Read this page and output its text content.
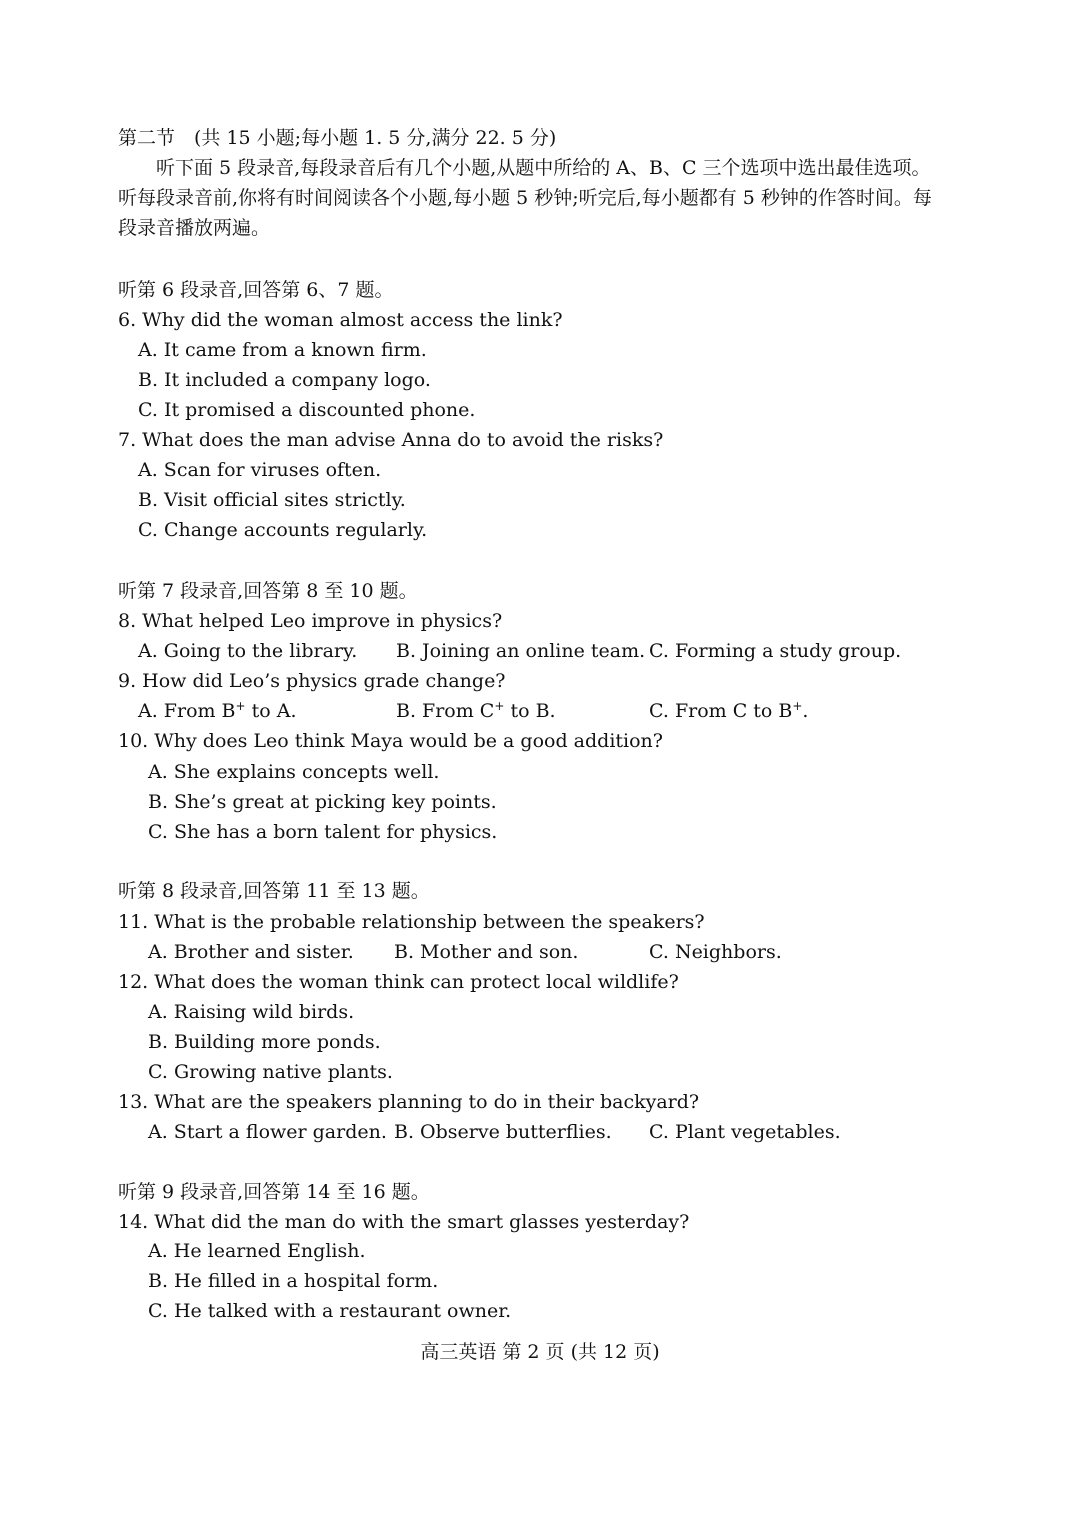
第二节　(共 15 小题;每小题 1. 5 分,满分 22. 5 分)
听下面 5 段录音,每段录音后有几个小题,从题中所给的 A、B、C 三个选项中选出最佳选项。听每段录音前,你将有时间阅读各个小题,每小题 5 秒钟;听完后,每小题都有 5 秒钟的作答时间。每段录音播放两遍。
听第 6 段录音,回答第 6、7 题。
6. Why did the woman almost access the link?
A. It came from a known firm.
B. It included a company logo.
C. It promised a discounted phone.
7. What does the man advise Anna do to avoid the risks?
A. Scan for viruses often.
B. Visit official sites strictly.
C. Change accounts regularly.
听第 7 段录音,回答第 8 至 10 题。
8. What helped Leo improve in physics?
A. Going to the library. B. Joining an online team. C. Forming a study group.
9. How did Leo’s physics grade change?
A. From B+ to A.	B. From C+ to B.	C. From C to B+.
10. Why does Leo think Maya would be a good addition?
A. She explains concepts well.
B. She’s great at picking key points.
C. She has a born talent for physics.
听第 8 段录音,回答第 11 至 13 题。
11. What is the probable relationship between the speakers?
A. Brother and sister. B. Mother and son.	C. Neighbors.
12. What does the woman think can protect local wildlife?
A. Raising wild birds.
B. Building more ponds.
C. Growing native plants.
13. What are the speakers planning to do in their backyard?
A. Start a flower garden. B. Observe butterflies. C. Plant vegetables.
听第 9 段录音,回答第 14 至 16 题。
14. What did the man do with the smart glasses yesterday?
A. He learned English.
B. He filled in a hospital form.
C. He talked with a restaurant owner.
高三英语 第 2 页 (共 12 页)
